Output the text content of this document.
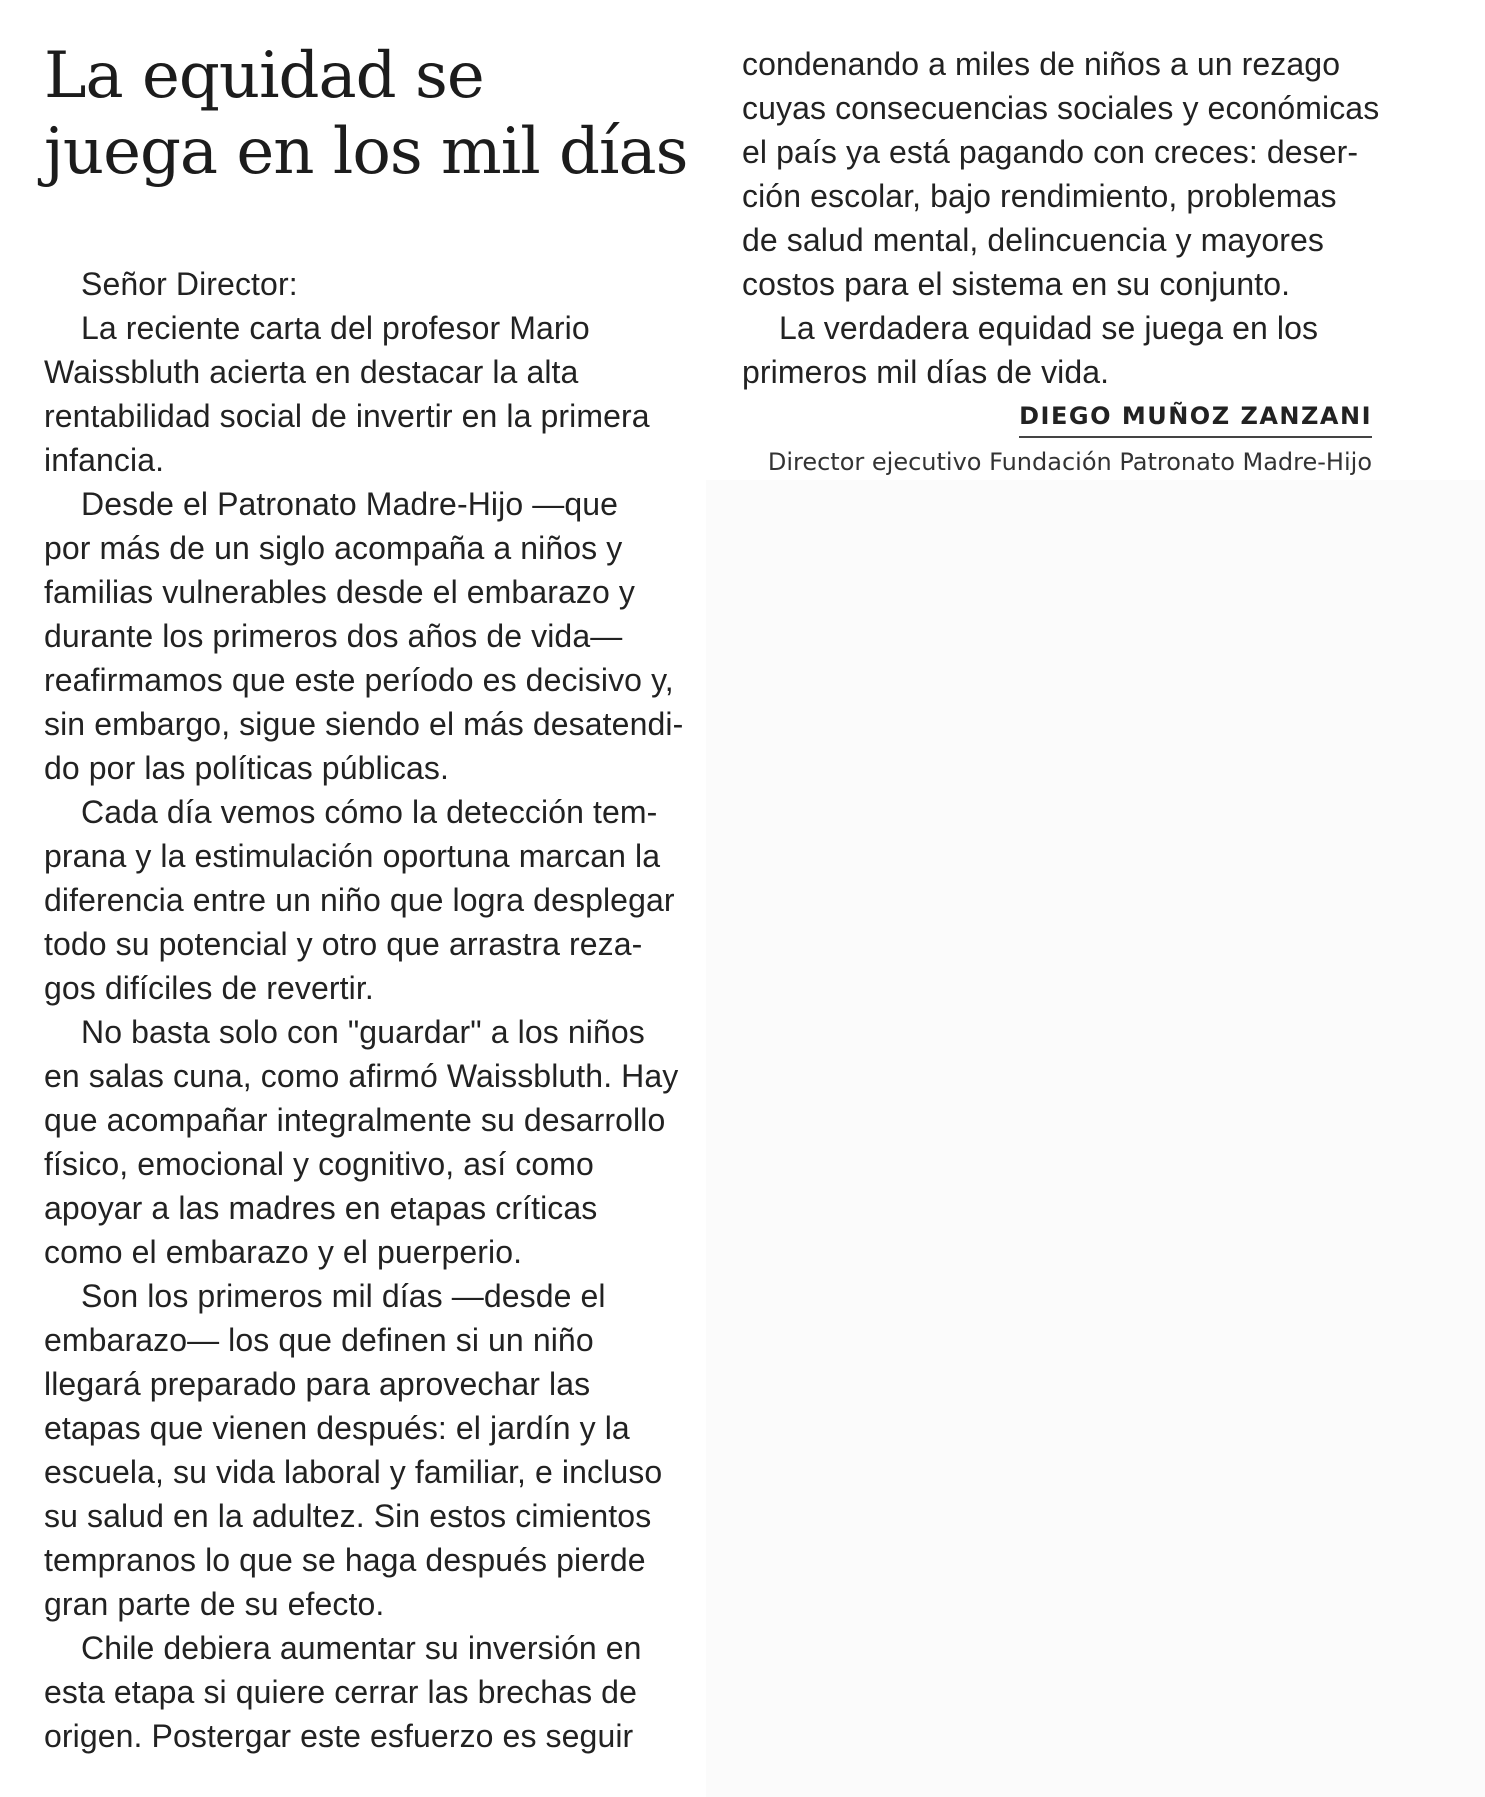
La equidad se
juega en los mil días

Señor Director:

La reciente carta del profesor Mario
Waissbluth acierta en destacar la alta
rentabilidad social de invertir en la primera
infancia.

Desde el Patronato Madre-Hijo —que
por más de un siglo acompaña a niños y
familias vulnerables desde el embarazo y
durante los primeros dos años de vida—
reafirmamos que este período es decisivo y,
sin embargo, sigue siendo el más desatendi-
do por las políticas públicas.

Cada día vemos cómo la detección tem-
prana y la estimulación oportuna marcan la
diferencia entre un niño que logra desplegar
todo su potencial y otro que arrastra reza-
gos difíciles de revertir.

No basta solo con "guardar" a los niños
en salas cuna, como afirmó Waissbluth. Hay
que acompañar integralmente su desarrollo
físico, emocional y cognitivo, así como
apoyar a las madres en etapas críticas
como el embarazo y el puerperio.

Son los primeros mil días —desde el
embarazo— los que definen si un niño
llegará preparado para aprovechar las
etapas que vienen después: el jardín y la
escuela, su vida laboral y familiar, e incluso
su salud en la adultez. Sin estos cimientos
tempranos lo que se haga después pierde
gran parte de su efecto.

Chile debiera aumentar su inversión en
esta etapa si quiere cerrar las brechas de
origen. Postergar este esfuerzo es seguir

condenando a miles de niños a un rezago
cuyas consecuencias sociales y económicas
el país ya está pagando con creces: deser-
ción escolar, bajo rendimiento, problemas
de salud mental, delincuencia y mayores
costos para el sistema en su conjunto.

La verdadera equidad se juega en los
primeros mil días de vida.

DIEGO MUÑOZ ZANZANI
Director ejecutivo Fundación Patronato Madre-Hijo
